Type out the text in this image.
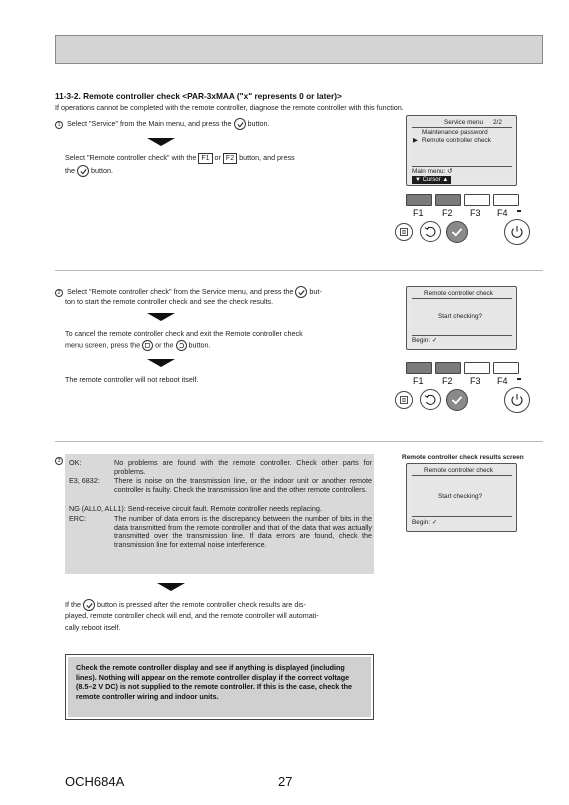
11-3-2. Remote controller check <PAR-3xMAA ("x" represents 0 or later)>
If operations cannot be completed with the remote controller, diagnose the remote controller with this function.
1 Select "Service" from the Main menu, and press the button.
Select "Remote controller check" with the F1 or F2 button, and press
the button.
Service menu 2/2
Maintenance password
▶ Remote controller check
Main menu: ↺
▼ Cursor ▲
F1 F2 F3 F4
2 Select "Remote controller check" from the Service menu, and press the but-
ton to start the remote controller check and see the check results.
To cancel the remote controller check and exit the Remote controller check
menu screen, press the or the button.
The remote controller will not reboot itself.
Remote controller check
Start checking?
Begin: ✓
F1 F2 F3 F4
3	OK:	No problems are found with the remote controller. Check other parts for problems.
E3, 6832: There is noise on the transmission line, or the indoor unit or another remote controller is faulty. Check the transmission line and the other remote controllers.
NG (ALL0, ALL1): Send-receive circuit fault. Remote controller needs replacing.
ERC:	The number of data errors is the discrepancy between the number of bits in the data transmitted from the remote controller and that of the data that was actually transmitted over the transmission line. If data errors are found, check the transmission line for external noise interference.
If the button is pressed after the remote controller check results are dis-
played, remote controller check will end, and the remote controller will automati-
cally reboot itself.
Remote controller check results screen
Remote controller check
Start checking?
Begin: ✓
Check the remote controller display and see if anything is displayed (including lines). Nothing will appear on the remote controller display if the correct voltage (8.5–2 V DC) is not supplied to the remote controller. If this is the case, check the remote controller wiring and indoor units.
OCH684A	27
